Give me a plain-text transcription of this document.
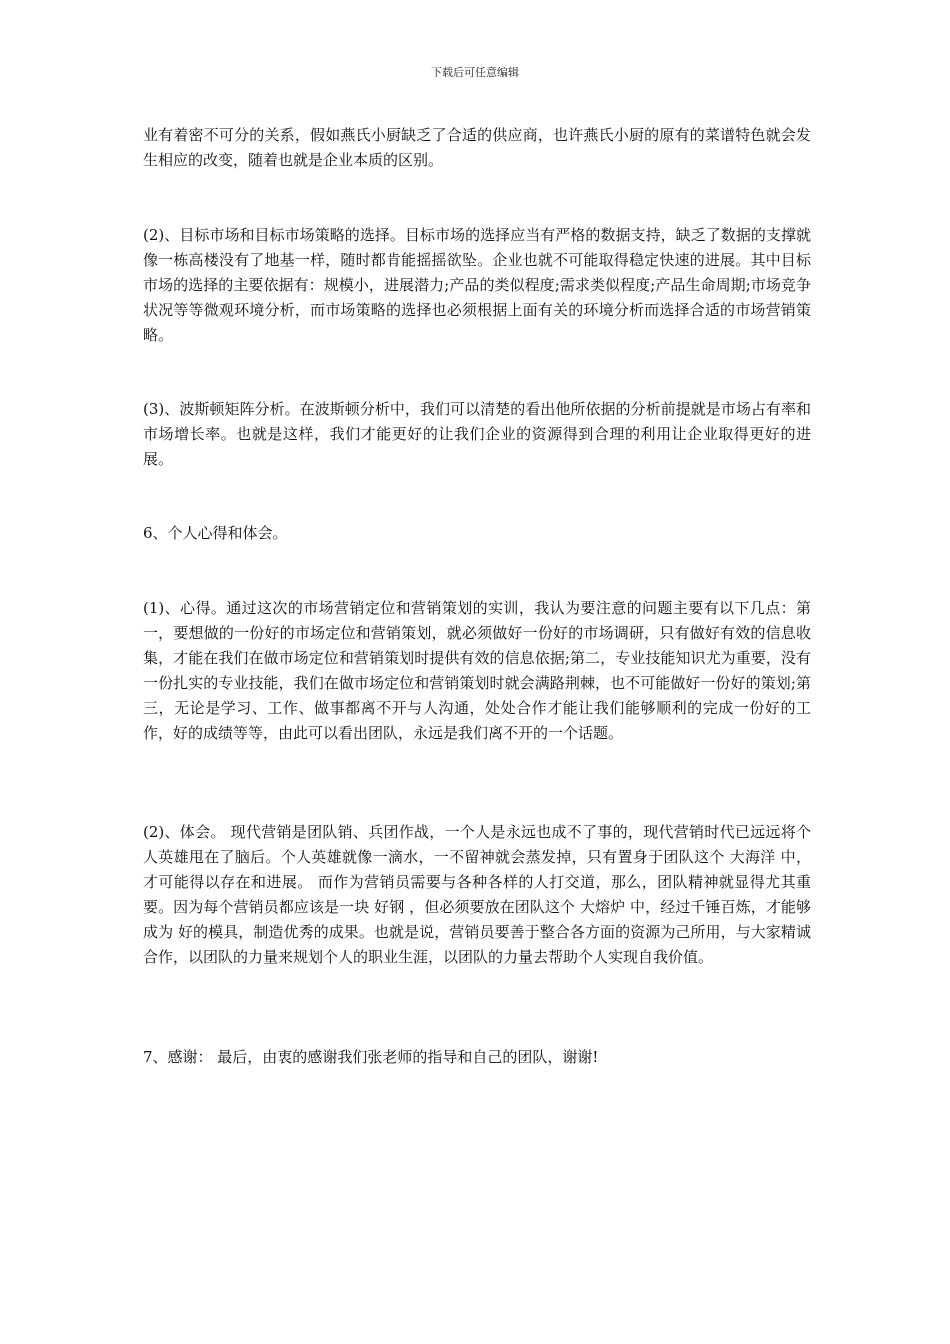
下载后可任意编辑

业有着密不可分的关系，假如燕氏小厨缺乏了合适的供应商，也许燕氏小厨的原有的菜谱特色就会发生相应的改变，随着也就是企业本质的区别。

(2)、目标市场和目标市场策略的选择。目标市场的选择应当有严格的数据支持，缺乏了数据的支撑就像一栋高楼没有了地基一样，随时都肯能摇摇欲坠。企业也就不可能取得稳定快速的进展。其中目标市场的选择的主要依据有：规模小，进展潜力;产品的类似程度;需求类似程度;产品生命周期;市场竞争状况等等微观环境分析，而市场策略的选择也必须根据上面有关的环境分析而选择合适的市场营销策略。

(3)、波斯顿矩阵分析。在波斯顿分析中，我们可以清楚的看出他所依据的分析前提就是市场占有率和市场增长率。也就是这样，我们才能更好的让我们企业的资源得到合理的利用让企业取得更好的进展。

6、个人心得和体会。

(1)、心得。通过这次的市场营销定位和营销策划的实训，我认为要注意的问题主要有以下几点：第一，要想做的一份好的市场定位和营销策划，就必须做好一份好的市场调研，只有做好有效的信息收集，才能在我们在做市场定位和营销策划时提供有效的信息依据;第二，专业技能知识尤为重要，没有一份扎实的专业技能，我们在做市场定位和营销策划时就会满路荆棘，也不可能做好一份好的策划;第三，无论是学习、工作、做事都离不开与人沟通，处处合作才能让我们能够顺利的完成一份好的工作，好的成绩等等，由此可以看出团队，永远是我们离不开的一个话题。

(2)、体会。 现代营销是团队销、兵团作战，一个人是永远也成不了事的，现代营销时代已远远将个人英雄甩在了脑后。个人英雄就像一滴水，一不留神就会蒸发掉，只有置身于团队这个 大海洋 中，才可能得以存在和进展。 而作为营销员需要与各种各样的人打交道，那么，团队精神就显得尤其重要。因为每个营销员都应该是一块 好钢 ，但必须要放在团队这个 大熔炉 中，经过千锤百炼，才能够成为 好的模具，制造优秀的成果。也就是说，营销员要善于整合各方面的资源为己所用，与大家精诚合作，以团队的力量来规划个人的职业生涯，以团队的力量去帮助个人实现自我价值。

7、感谢： 最后，由衷的感谢我们张老师的指导和自己的团队，谢谢!
